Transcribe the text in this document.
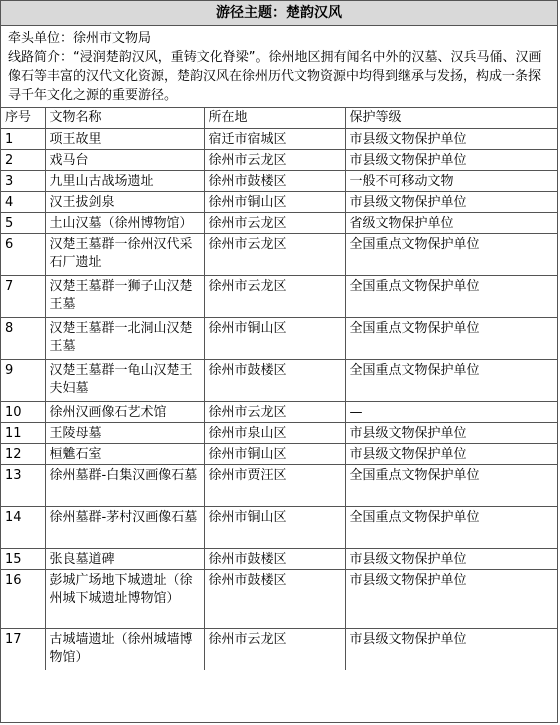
游径主题：楚韵汉风

牵头单位：徐州市文物局

线路简介：“浸润楚韵汉风，重铸文化脊梁”。徐州地区拥有闻名中外的汉墓、汉兵马俑、汉画像石等丰富的汉代文化资源，楚韵汉风在徐州历代文物资源中均得到继承与发扬，构成一条探寻千年文化之源的重要游径。

序号	文物名称	所在地	保护等级
1	项王故里	宿迁市宿城区	市县级文物保护单位
2	戏马台	徐州市云龙区	市县级文物保护单位
3	九里山古战场遗址	徐州市鼓楼区	一般不可移动文物
4	汉王拔剑泉	徐州市铜山区	市县级文物保护单位
5	土山汉墓（徐州博物馆）	徐州市云龙区	省级文物保护单位
6	汉楚王墓群一徐州汉代采石厂遗址	徐州市云龙区	全国重点文物保护单位
7	汉楚王墓群一狮子山汉楚王墓	徐州市云龙区	全国重点文物保护单位
8	汉楚王墓群一北洞山汉楚王墓	徐州市铜山区	全国重点文物保护单位
9	汉楚王墓群一龟山汉楚王夫妇墓	徐州市鼓楼区	全国重点文物保护单位
10	徐州汉画像石艺术馆	徐州市云龙区	—
11	王陵母墓	徐州市泉山区	市县级文物保护单位
12	桓魋石室	徐州市铜山区	市县级文物保护单位
13	徐州墓群-白集汉画像石墓	徐州市贾汪区	全国重点文物保护单位
14	徐州墓群-茅村汉画像石墓	徐州市铜山区	全国重点文物保护单位
15	张良墓道碑	徐州市鼓楼区	市县级文物保护单位
16	彭城广场地下城遗址（徐州城下城遗址博物馆）	徐州市鼓楼区	市县级文物保护单位
17	古城墙遗址（徐州城墙博物馆）	徐州市云龙区	市县级文物保护单位
